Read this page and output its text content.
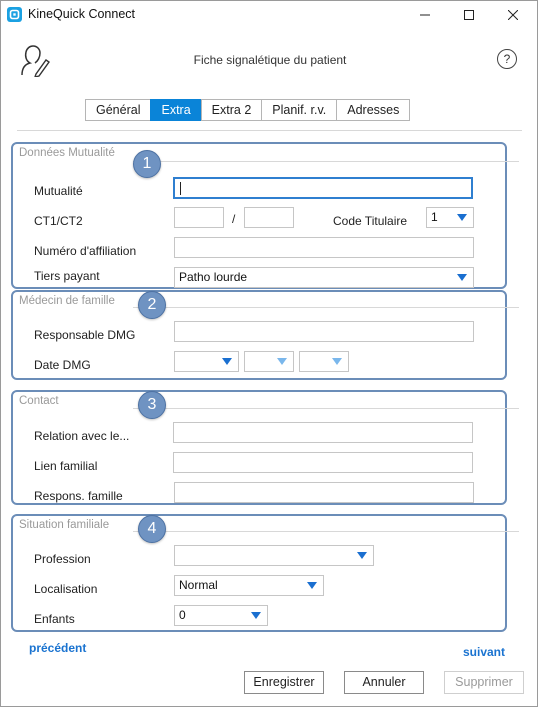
KineQuick Connect
Fiche signalétique du patient	?
Général	Extra	Extra 2	Planif. r.v.	Adresses
Données Mutualité
1
Mutualité
CT1/CT2	/	Code Titulaire	1
Numéro d'affiliation
Tiers payant	Patho lourde
Médecin de famille	2
Responsable DMG
Date DMG
Contact	3
Relation avec le...
Lien familial
Respons. famille
Situation familiale	4
Profession
Localisation	Normal
Enfants	0
précédent	suivant
Enregistrer	Annuler	Supprimer
